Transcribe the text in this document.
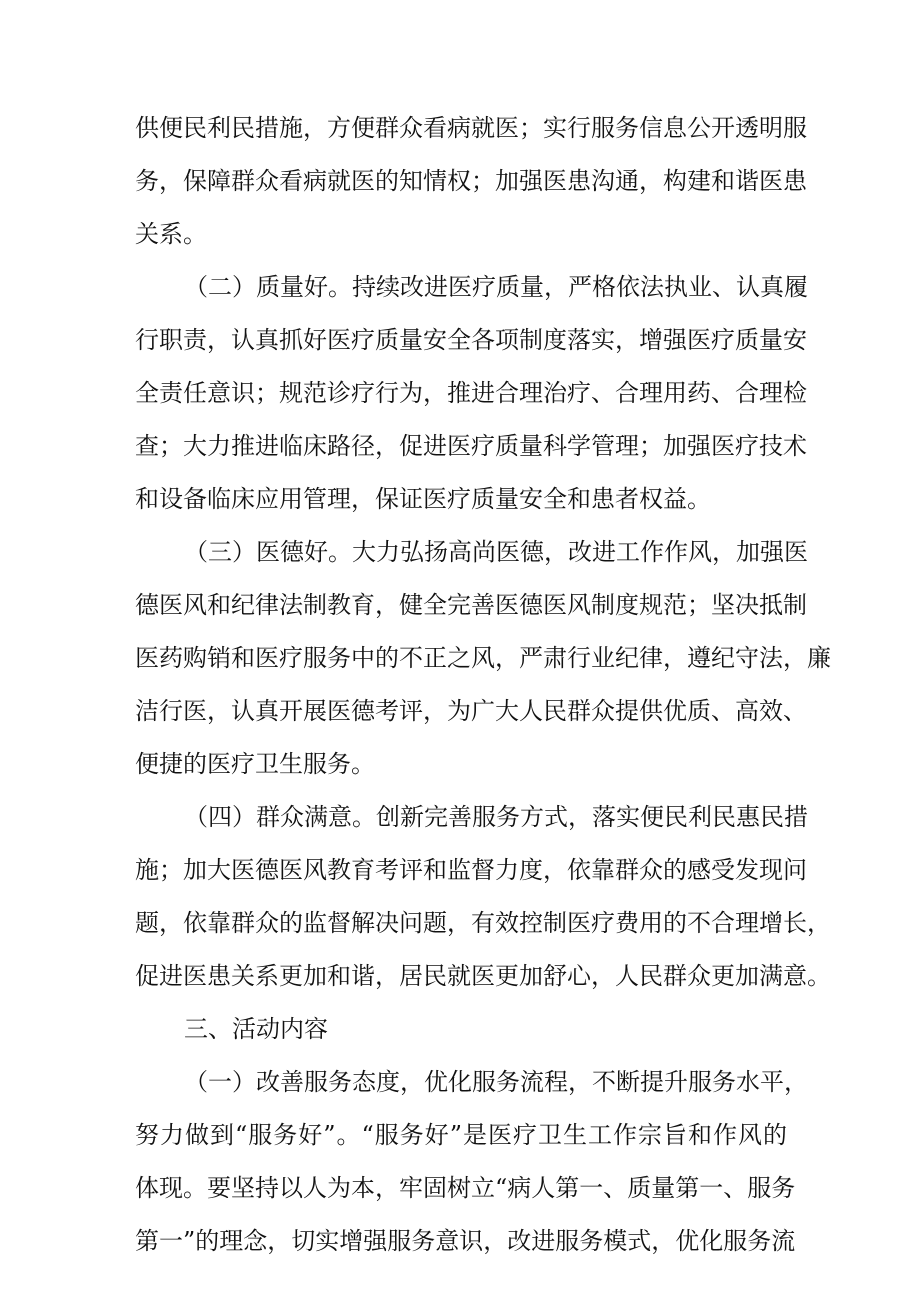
供便民利民措施，方便群众看病就医；实行服务信息公开透明服
务，保障群众看病就医的知情权；加强医患沟通，构建和谐医患
关系。
（二）质量好。持续改进医疗质量，严格依法执业、认真履
行职责，认真抓好医疗质量安全各项制度落实，增强医疗质量安
全责任意识；规范诊疗行为，推进合理治疗、合理用药、合理检
查；大力推进临床路径，促进医疗质量科学管理；加强医疗技术
和设备临床应用管理，保证医疗质量安全和患者权益。
（三）医德好。大力弘扬高尚医德，改进工作作风，加强医
德医风和纪律法制教育，健全完善医德医风制度规范；坚决抵制
医药购销和医疗服务中的不正之风，严肃行业纪律，遵纪守法，廉
洁行医，认真开展医德考评，为广大人民群众提供优质、高效、
便捷的医疗卫生服务。
（四）群众满意。创新完善服务方式，落实便民利民惠民措
施；加大医德医风教育考评和监督力度，依靠群众的感受发现问
题，依靠群众的监督解决问题，有效控制医疗费用的不合理增长，
促进医患关系更加和谐，居民就医更加舒心，人民群众更加满意。
三、活动内容
（一）改善服务态度，优化服务流程，不断提升服务水平，
努力做到“服务好”。“服务好”是医疗卫生工作宗旨和作风的
体现。要坚持以人为本，牢固树立“病人第一、质量第一、服务
第一”的理念，切实增强服务意识，改进服务模式，优化服务流
